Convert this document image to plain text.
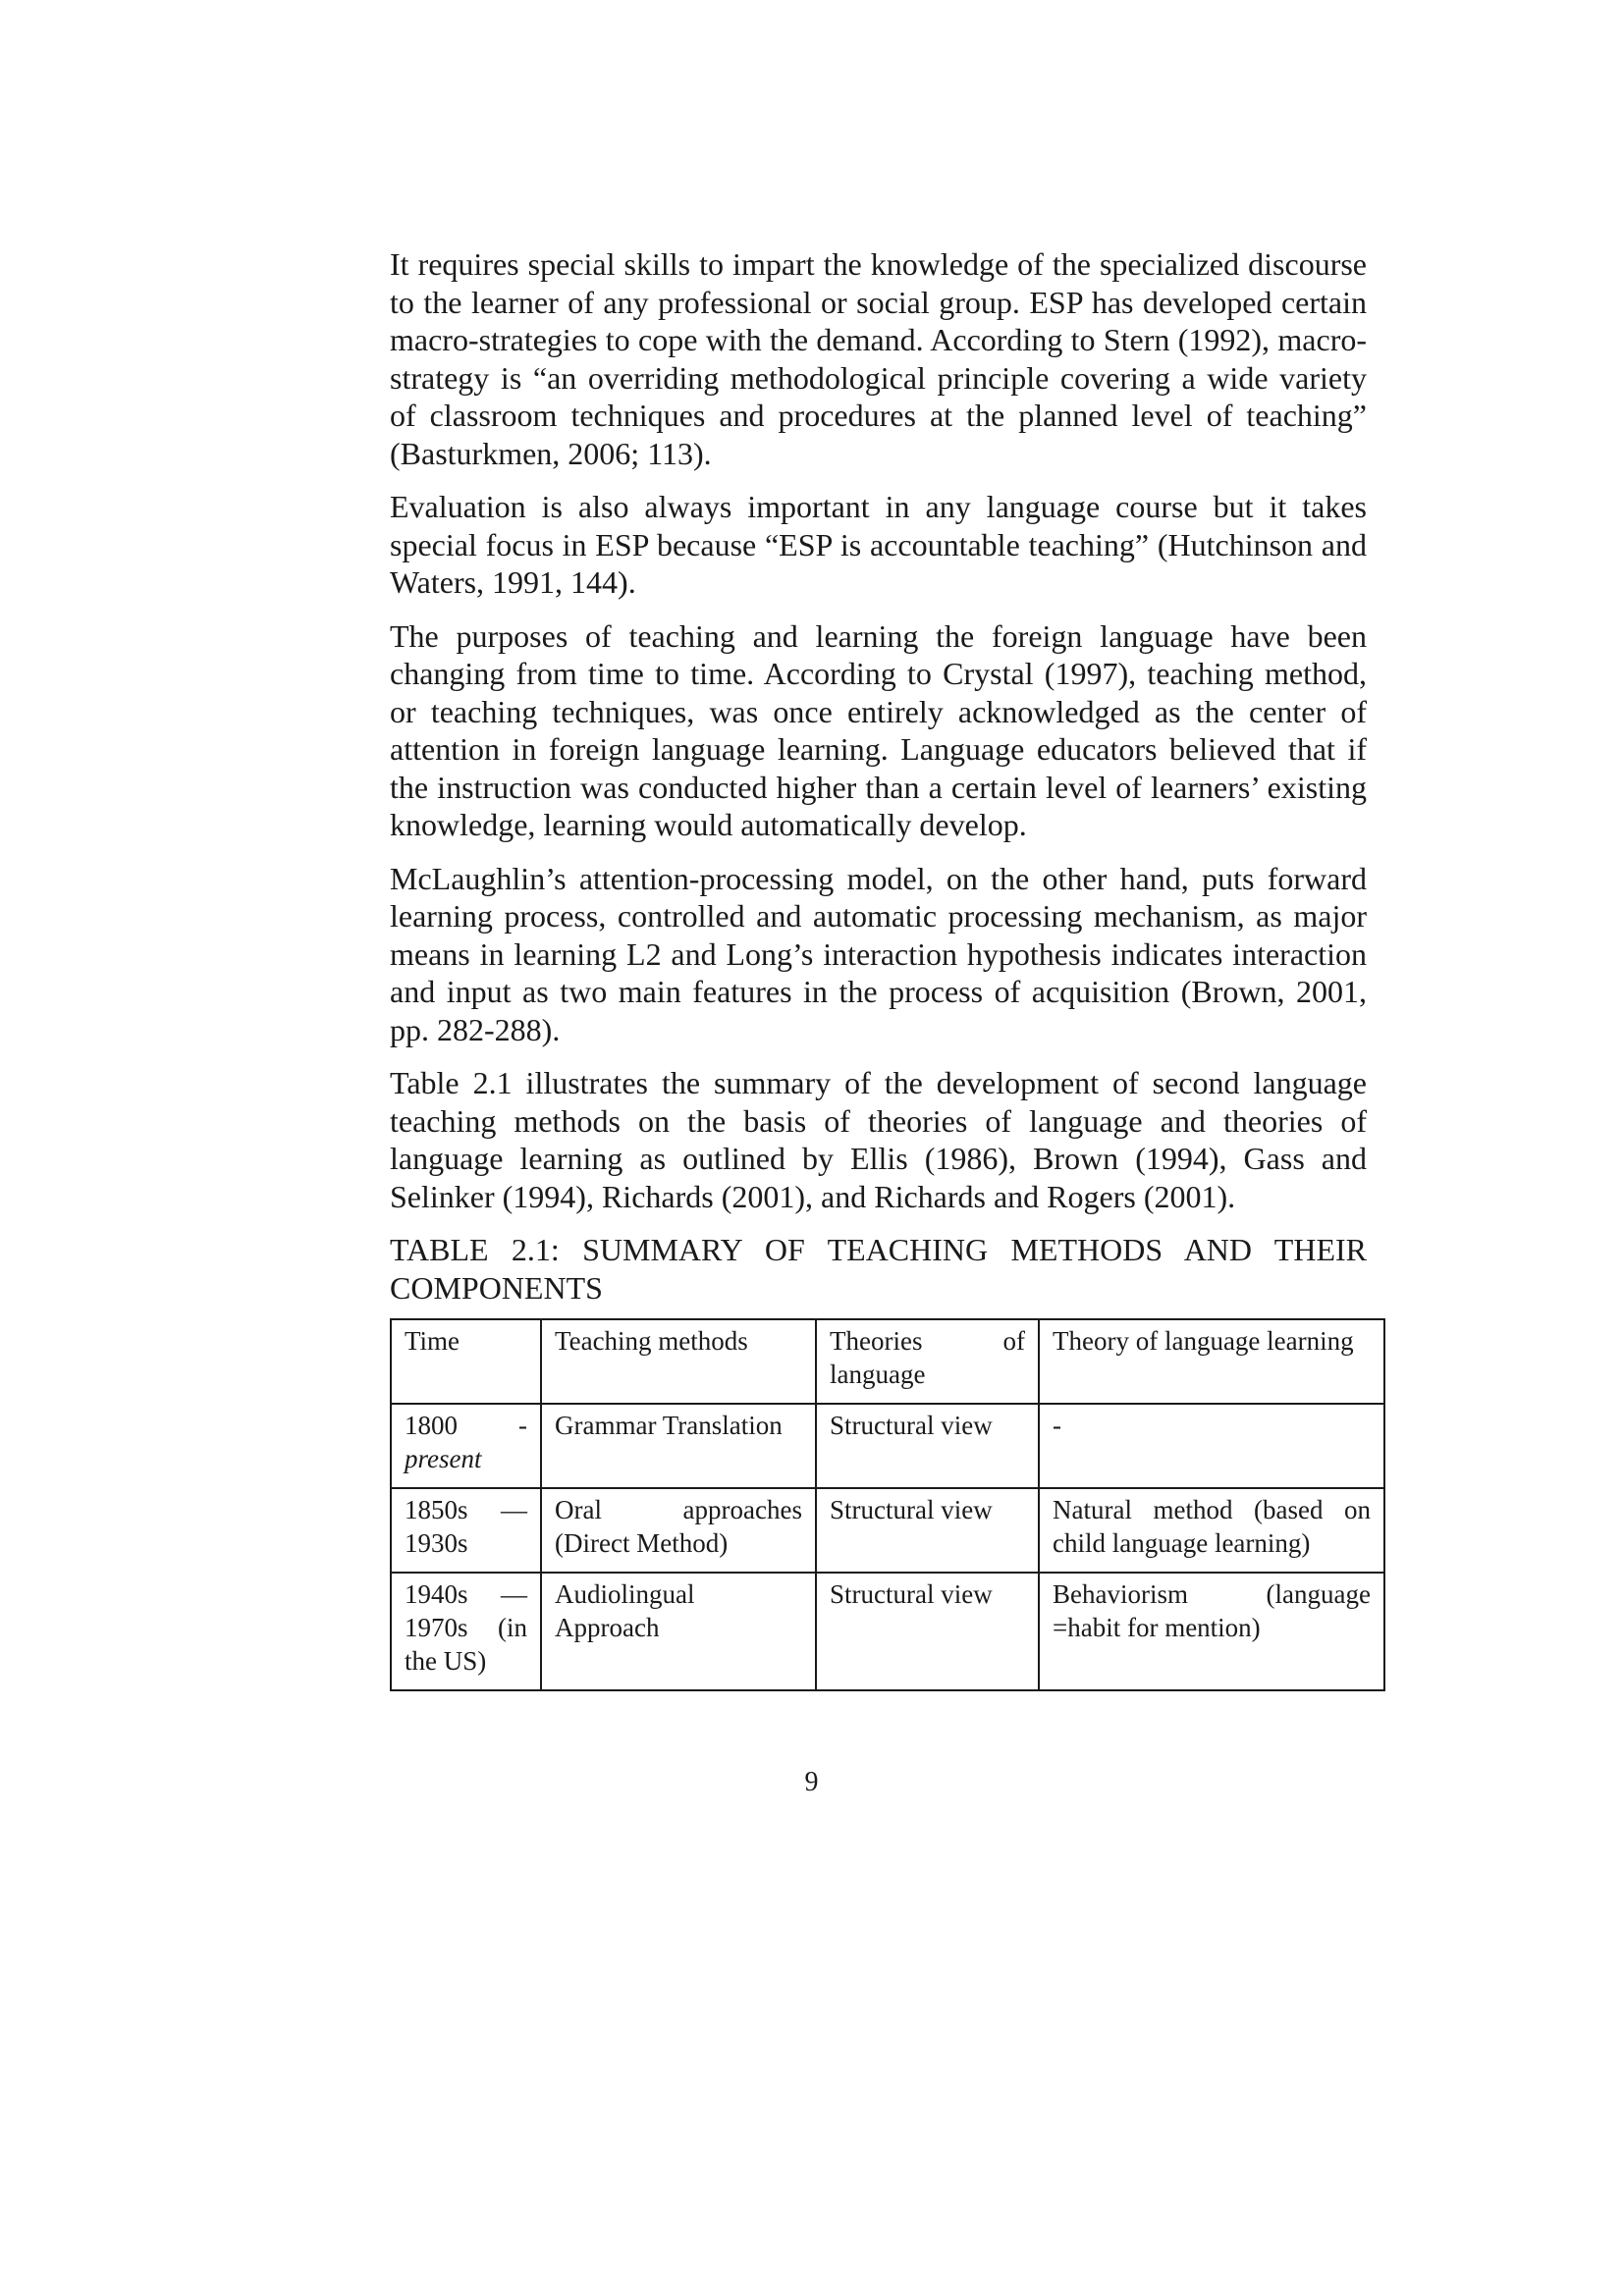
It requires special skills to impart the knowledge of the specialized discourse to the learner of any professional or social group. ESP has developed certain macro-strategies to cope with the demand. According to Stern (1992), macro-strategy is “an overriding methodological principle covering a wide variety of classroom techniques and procedures at the planned level of teaching” (Basturkmen, 2006; 113).

Evaluation is also always important in any language course but it takes special focus in ESP because “ESP is accountable teaching” (Hutchinson and Waters, 1991, 144).

The purposes of teaching and learning the foreign language have been changing from time to time. According to Crystal (1997), teaching method, or teaching techniques, was once entirely acknowledged as the center of attention in foreign language learning. Language educators believed that if the instruction was conducted higher than a certain level of learners’ existing knowledge, learning would automatically develop.

McLaughlin’s attention-processing model, on the other hand, puts forward learning process, controlled and automatic processing mechanism, as major means in learning L2 and Long’s interaction hypothesis indicates interaction and input as two main features in the process of acquisition (Brown, 2001, pp. 282-288).

Table 2.1 illustrates the summary of the development of second language teaching methods on the basis of theories of language and theories of language learning as outlined by Ellis (1986), Brown (1994), Gass and Selinker (1994), Richards (2001), and Richards and Rogers (2001).

TABLE 2.1: SUMMARY OF TEACHING METHODS AND THEIR COMPONENTS
Time	Teaching methods	Theories of language	Theory of language learning
1800 - present	Grammar Translation	Structural view	-
1850s — 1930s	Oral approaches (Direct Method)	Structural view	Natural method (based on child language learning)
1940s — 1970s (in the US)	Audiolingual Approach	Structural view	Behaviorism (language =habit for mention)
9
